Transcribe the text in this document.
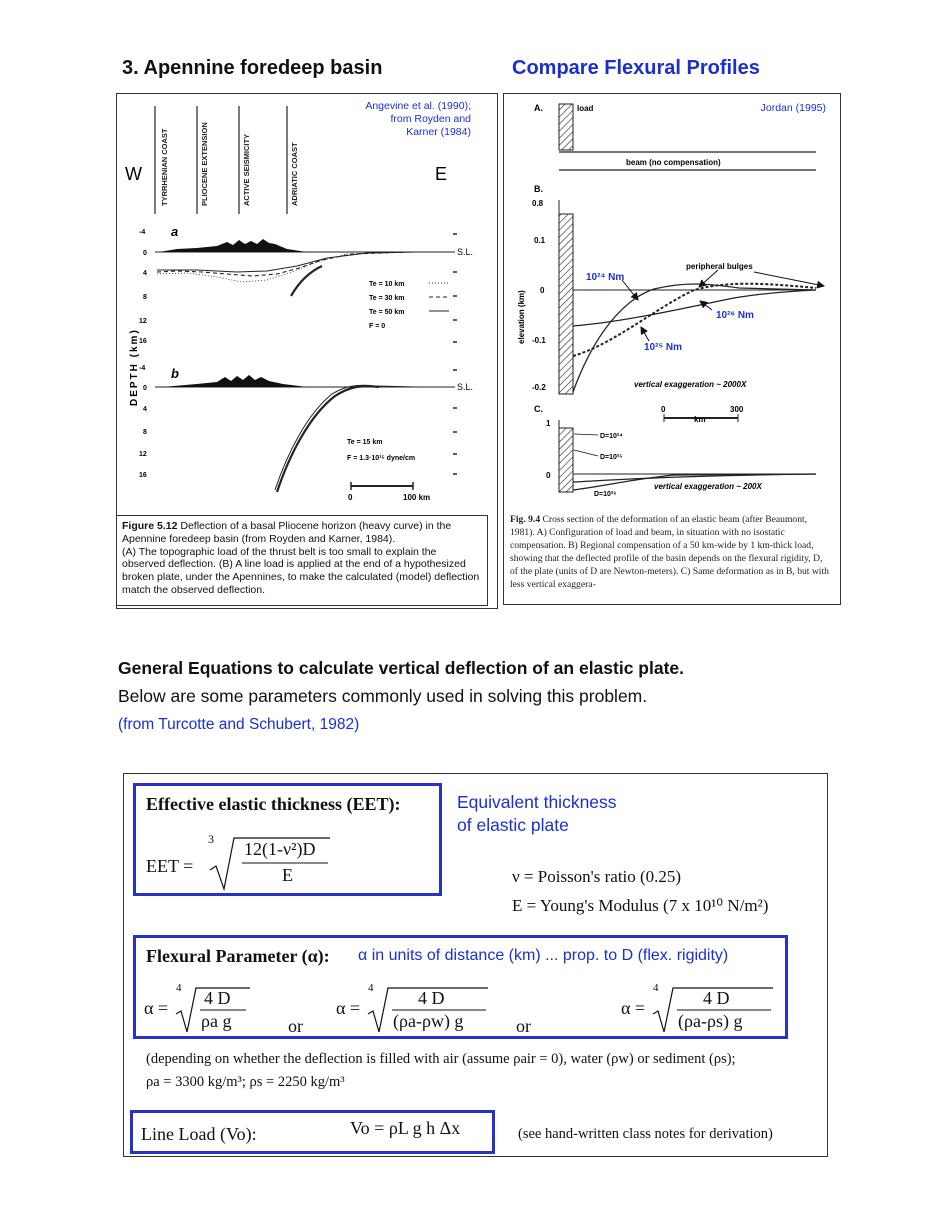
3. Apennine foredeep basin	Compare Flexural Profiles
TYRRHENIAN COAST	PLIOCENE EXTENSION	ACTIVE SEISMICITY	ADRIATIC COAST
W	E
a
-4
0
4
8
12
16
S.L.
Te = 10 km
Te = 30 km
Te = 50 km
F = 0
DEPTH (km) b
-4
0
4
8
12
16
S.L.
Te = 15 km
F = 1.3·10¹⁵ dyne/cm
0	100 km
Angevine et al. (1990);
from Royden and
Karner (1984)
Figure 5.12 Deflection of a basal Pliocene horizon (heavy curve) in the Apennine foredeep basin (from Royden and Karner, 1984).
(A) The topographic load of the thrust belt is too small to explain the observed deflection. (B) A line load is applied at the end of a hypothesized broken plate, under the Apennines, to make the calculated (model) deflection match the observed deflection.
A.	load
beam (no compensation)
B.
0.8
0.1
0
-0.1
-0.2
elevation (km)
10²⁴ Nm
10²⁶ Nm
10²⁵ Nm
peripheral bulges
vertical exaggeration ~ 2000X
C.	0
km
300
1
0
D=10²⁴
D=10²⁵
D=10²⁶
vertical exaggeration ~ 200X
Jordan (1995)
Fig. 9.4 Cross section of the deformation of an elastic beam (after Beaumont, 1981). A) Configuration of load and beam, in situation with no isostatic compensation. B) Regional compensation of a 50 km-wide by 1 km-thick load, showing that the deflected profile of the basin depends on the flexural rigidity, D, of the plate (units of D are Newton-meters). C) Same deformation as in B, but with less vertical exaggera-
General Equations to calculate vertical deflection of an elastic plate.
Below are some parameters commonly used in solving this problem.
(from Turcotte and Schubert, 1982)
Effective elastic thickness (EET):
EET =
3 12(1-ν²)D
E
Equivalent thickness
of elastic plate
ν = Poisson's ratio (0.25)
E = Young's Modulus (7 x 10¹⁰ N/m²)
Flexural Parameter (α): α in units of distance (km) ... prop. to D (flex. rigidity)
α =
4 4 D
ρa g	or
α =
4 4 D
(ρa-ρw) g	or
α =
4 4 D
(ρa-ρs) g
(depending on whether the deflection is filled with air (assume ρair = 0), water (ρw) or sediment (ρs);
ρa = 3300 kg/m³; ρs = 2250 kg/m³
Line Load (Vo):	Vo = ρL g h Δx	(see hand-written class notes for derivation)
